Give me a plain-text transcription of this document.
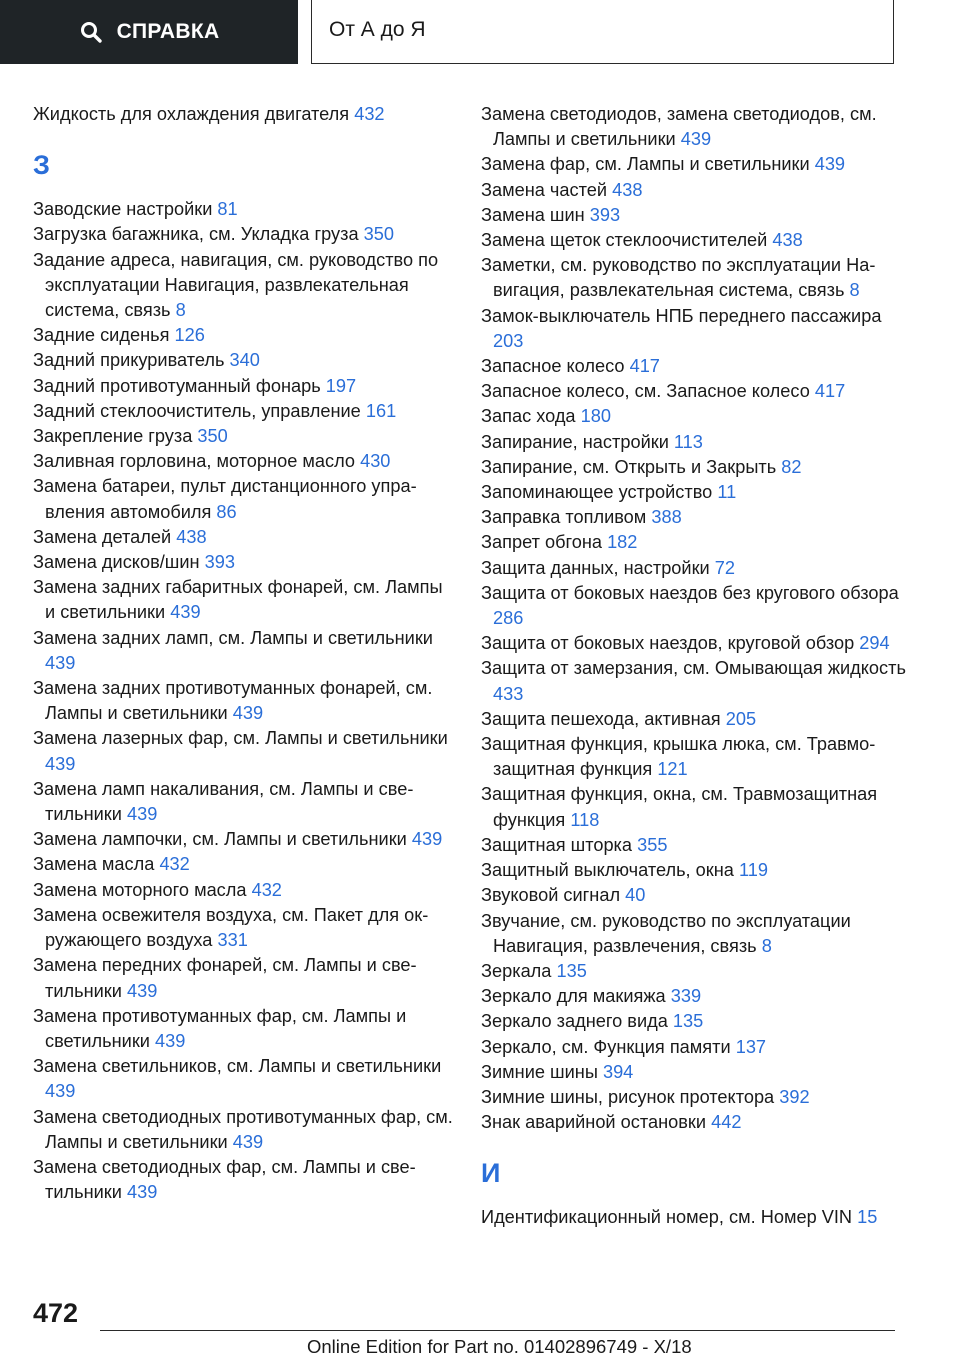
СПРАВКА	От А до Я

Жидкость для охлаждения двигателя 432

З

Заводские настройки 81

Загрузка багажника, см. Укладка груза 350

Задание адреса, навигация, см. руководство по эксплуатации Навигация, развлекательная система, связь 8

Задние сиденья 126

Задний прикуриватель 340

Задний противотуманный фонарь 197

Задний стеклоочиститель, управление 161

Закрепление груза 350

Заливная горловина, моторное масло 430

Замена батареи, пульт дистанционного управления автомобиля 86

Замена деталей 438

Замена дисков/шин 393

Замена задних габаритных фонарей, см. Лампы и светильники 439

Замена задних ламп, см. Лампы и светильники 439

Замена задних противотуманных фонарей, см. Лампы и светильники 439

Замена лазерных фар, см. Лампы и светильники 439

Замена ламп накаливания, см. Лампы и светильники 439

Замена лампочки, см. Лампы и светильники 439

Замена масла 432

Замена моторного масла 432

Замена освежителя воздуха, см. Пакет для окружающего воздуха 331

Замена передних фонарей, см. Лампы и светильники 439

Замена противотуманных фар, см. Лампы и светильники 439

Замена светильников, см. Лампы и светильники 439

Замена светодиодных противотуманных фар, см. Лампы и светильники 439

Замена светодиодных фар, см. Лампы и светильники 439

Замена светодиодов, замена светодиодов, см. Лампы и светильники 439

Замена фар, см. Лампы и светильники 439

Замена частей 438

Замена шин 393

Замена щеток стеклоочистителей 438

Заметки, см. руководство по эксплуатации Навигация, развлекательная система, связь 8

Замок-выключатель НПБ переднего пассажира 203

Запасное колесо 417

Запасное колесо, см. Запасное колесо 417

Запас хода 180

Запирание, настройки 113

Запирание, см. Открыть и Закрыть 82

Запоминающее устройство 11

Заправка топливом 388

Запрет обгона 182

Защита данных, настройки 72

Защита от боковых наездов без кругового обзора 286

Защита от боковых наездов, круговой обзор 294

Защита от замерзания, см. Омывающая жидкость 433

Защита пешехода, активная 205

Защитная функция, крышка люка, см. Травмозащитная функция 121

Защитная функция, окна, см. Травмозащитная функция 118

Защитная шторка 355

Защитный выключатель, окна 119

Звуковой сигнал 40

Звучание, см. руководство по эксплуатации Навигация, развлечения, связь 8

Зеркала 135

Зеркало для макияжа 339

Зеркало заднего вида 135

Зеркало, см. Функция памяти 137

Зимние шины 394

Зимние шины, рисунок протектора 392

Знак аварийной остановки 442

И

Идентификационный номер, см. Номер VIN 15

472
Online Edition for Part no. 01402896749 - X/18
